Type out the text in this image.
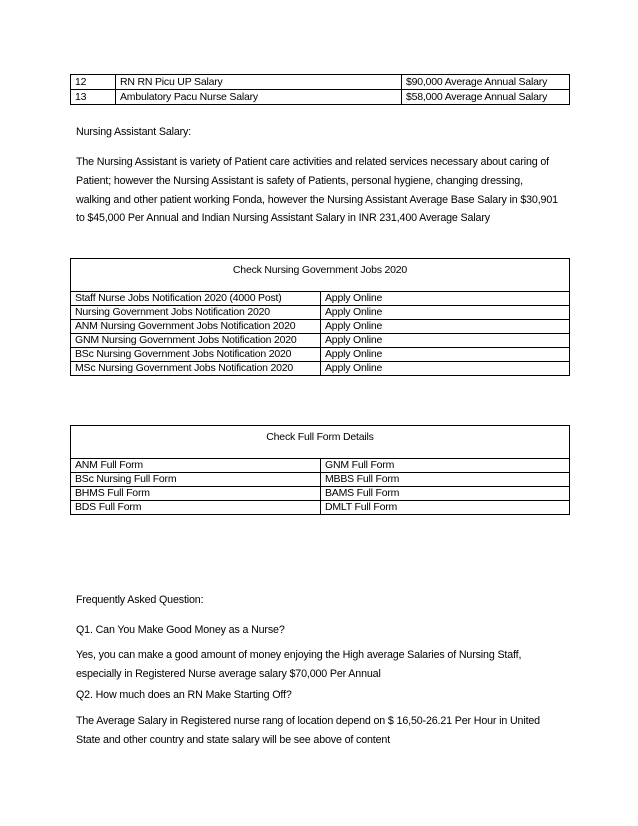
12	RN RN Picu UP Salary	$90,000 Average Annual Salary
13	Ambulatory Pacu Nurse Salary	$58,000 Average Annual Salary

Nursing Assistant Salary:

The Nursing Assistant is variety of Patient care activities and related services necessary about caring of
Patient; however the Nursing Assistant is safety of Patients, personal hygiene, changing dressing,
walking and other patient working Fonda, however the Nursing Assistant Average Base Salary in $30,901
to $45,000 Per Annual and Indian Nursing Assistant Salary in INR 231,400 Average Salary

Check Nursing Government Jobs 2020	
Staff Nurse Jobs Notification 2020 (4000 Post)	Apply Online
Nursing Government Jobs Notification 2020	Apply Online
ANM Nursing Government Jobs Notification 2020	Apply Online
GNM Nursing Government Jobs Notification 2020	Apply Online
BSc Nursing Government Jobs Notification 2020	Apply Online
MSc Nursing Government Jobs Notification 2020	Apply Online
Check Full Form Details	
ANM Full Form	GNM Full Form
BSc Nursing Full Form	MBBS Full Form
BHMS Full Form	BAMS Full Form
BDS Full Form	DMLT Full Form

Frequently Asked Question:

Q1. Can You Make Good Money as a Nurse?

Yes, you can make a good amount of money enjoying the High average Salaries of Nursing Staff,
especially in Registered Nurse average salary $70,000 Per Annual

Q2. How much does an RN Make Starting Off?

The Average Salary in Registered nurse rang of location depend on $ 16,50-26.21 Per Hour in United
State and other country and state salary will be see above of content
